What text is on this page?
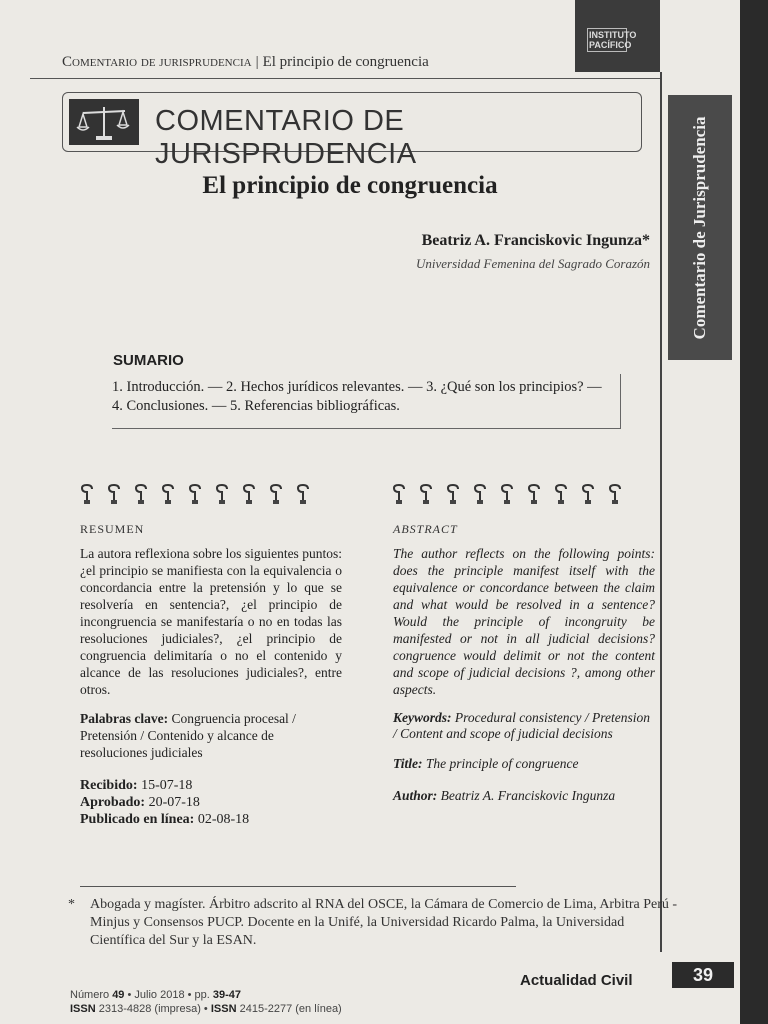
INSTITUTO
PACÍFICO
Comentario de Jurisprudencia
Comentario de jurisprudencia | El principio de congruencia
COMENTARIO DE JURISPRUDENCIA
El principio de congruencia
Beatriz A. Franciskovic Ingunza*
Universidad Femenina del Sagrado Corazón
SUMARIO

1. Introducción. — 2. Hechos jurídicos relevantes. — 3. ¿Qué son los principios? — 4. Conclusiones. — 5. Referencias bibliográficas.

RESUMEN
La autora reflexiona sobre los siguientes puntos: ¿el principio se manifiesta con la equivalencia o concordancia entre la pretensión y lo que se resolvería en sentencia?, ¿el principio de incongruencia se manifestaría o no en todas las resoluciones judiciales?, ¿el principio de congruencia delimitaría o no el contenido y alcance de las resoluciones judiciales?, entre otros.
Palabras clave: Congruencia procesal / Pretensión / Contenido y alcance de resoluciones judiciales
Recibido: 15-07-18
Aprobado: 20-07-18
Publicado en línea: 02-08-18
ABSTRACT
The author reflects on the following points: does the principle manifest itself with the equivalence or concordance between the claim and what would be resolved in a sentence? Would the principle of incongruity be manifested or not in all judicial decisions? congruence would delimit or not the content and scope of judicial decisions ?, among other aspects.
Keywords: Procedural consistency / Pretension / Content and scope of judicial decisions
Title: The principle of congruence
Author: Beatriz A. Franciskovic Ingunza
* Abogada y magíster. Árbitro adscrito al RNA del OSCE, la Cámara de Comercio de Lima, Arbitra Perú - Minjus y Consensos PUCP. Docente en la Unifé, la Universidad Ricardo Palma, la Universidad Científica del Sur y la ESAN.
Número 49 • Julio 2018 • pp. 39-47
ISSN 2313-4828 (impresa) • ISSN 2415-2277 (en línea)
Actualidad Civil	39
